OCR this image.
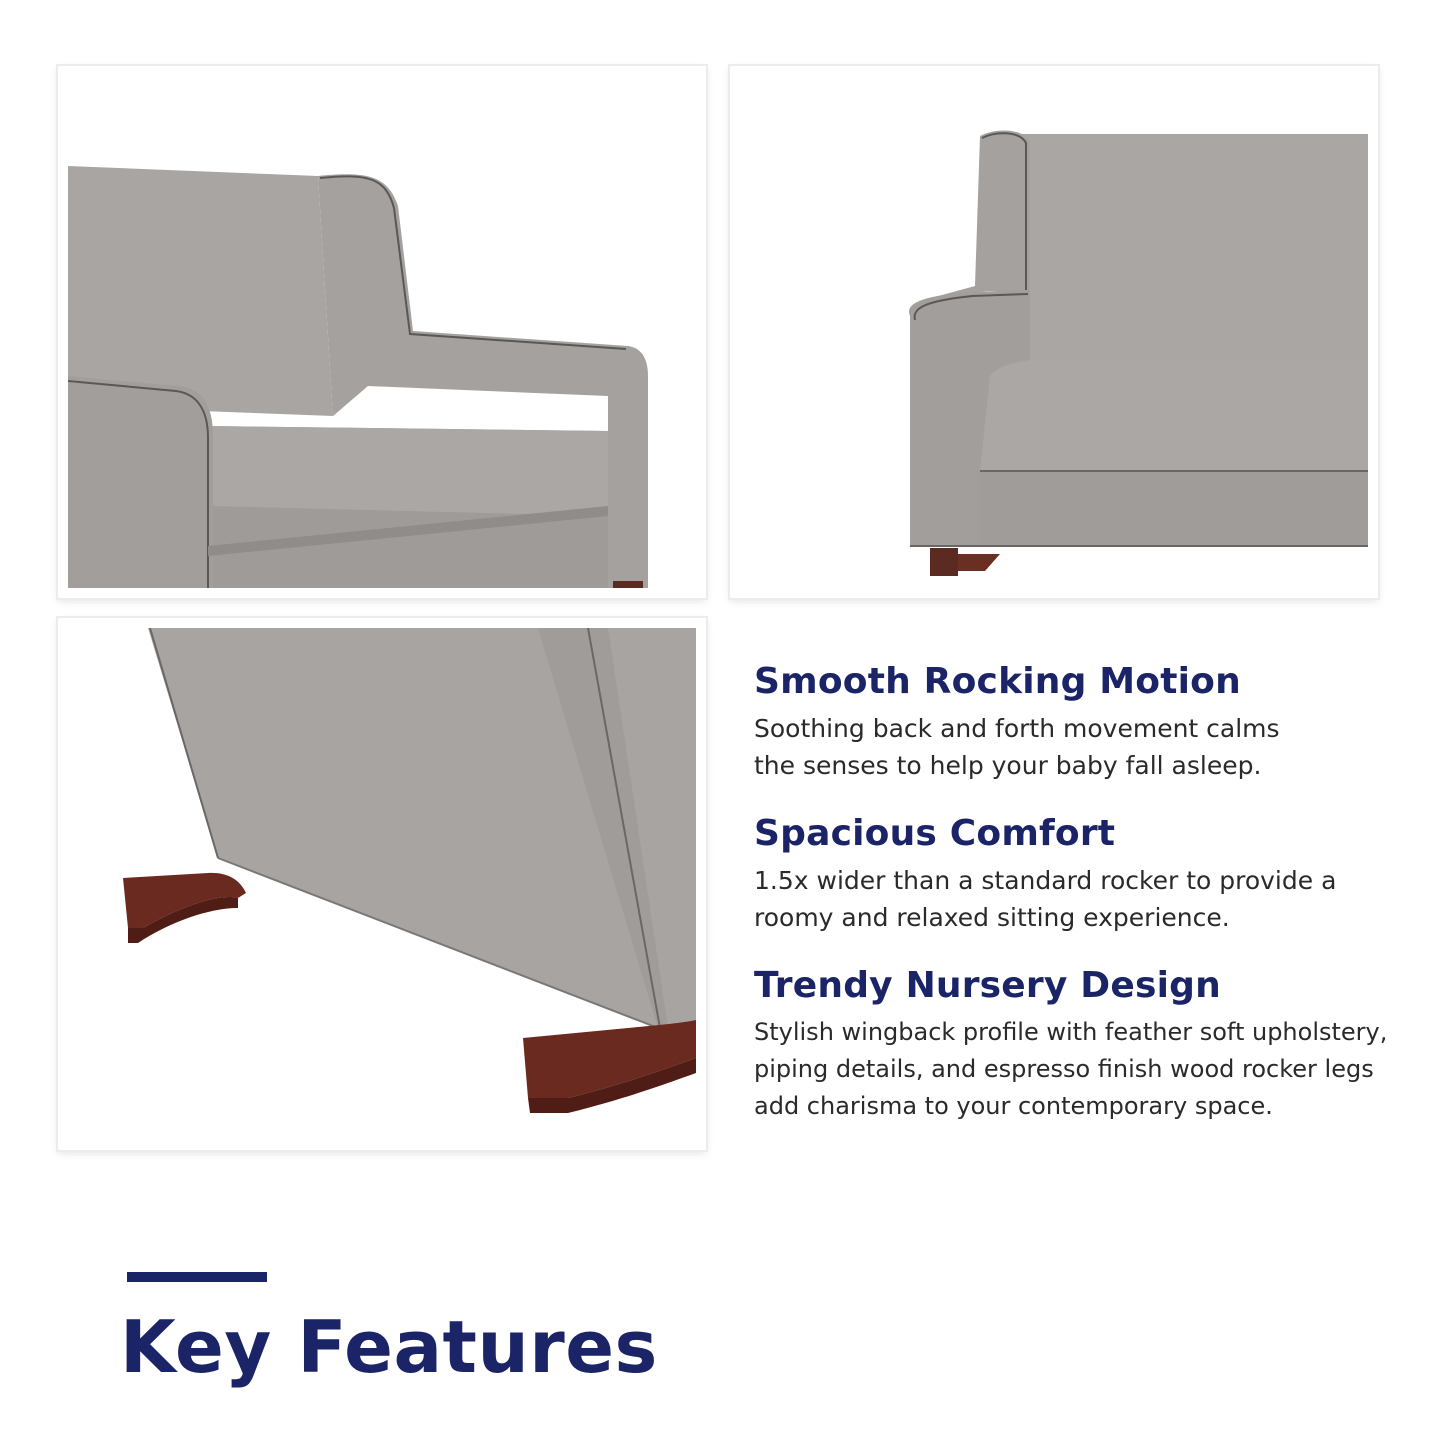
Smooth Rocking Motion

Soothing back and forth movement calms the senses to help your baby fall asleep.

Spacious Comfort

1.5x wider than a standard rocker to provide a roomy and relaxed sitting experience.

Trendy Nursery Design

Stylish wingback profile with feather soft upholstery, piping details, and espresso finish wood rocker legs add charisma to your contemporary space.

Key Features
